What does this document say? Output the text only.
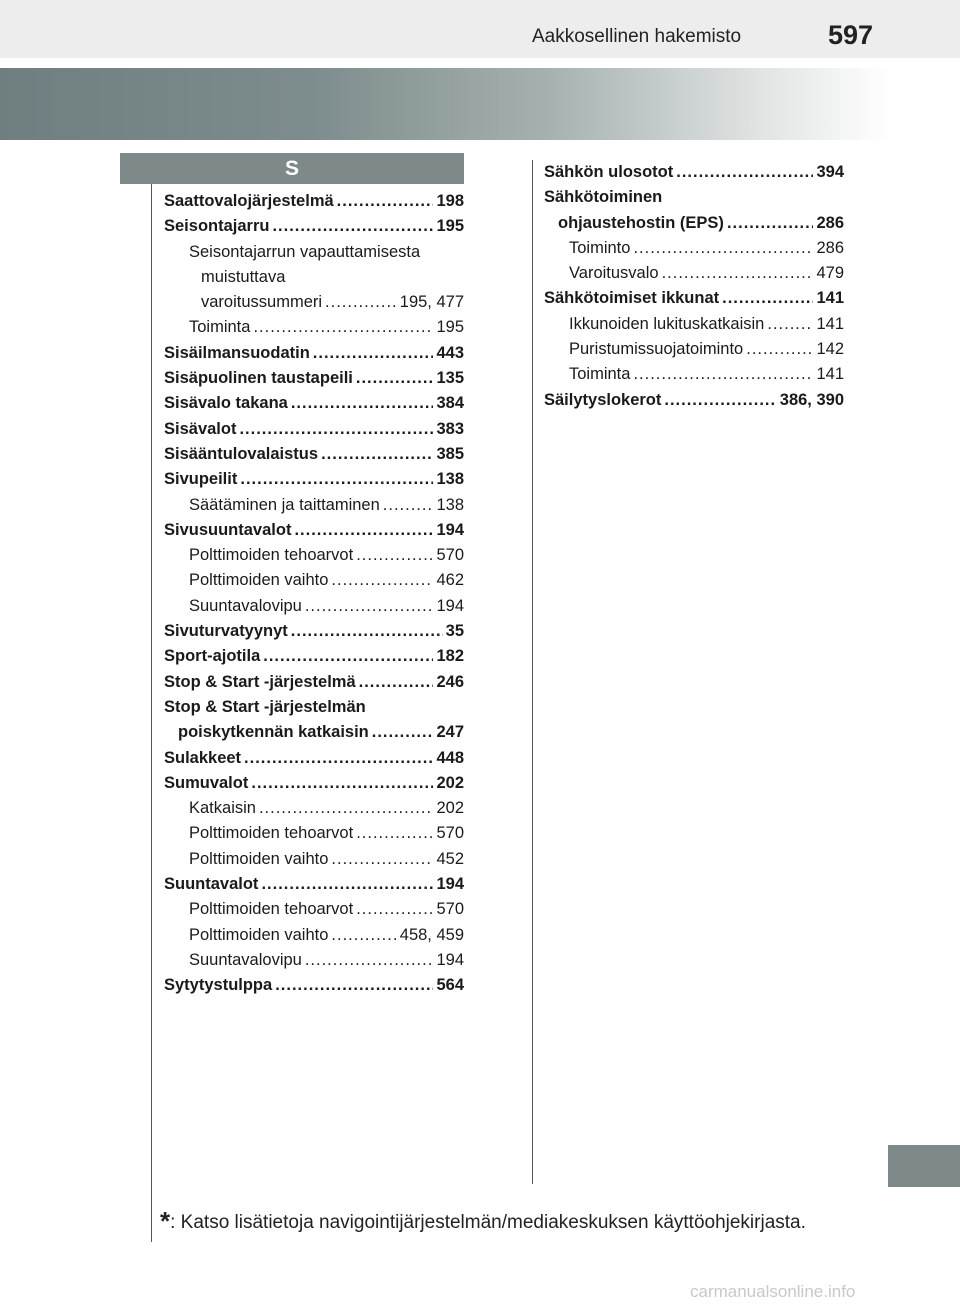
Aakkosellinen hakemisto	597
S
Saattovalojärjestelmä .....	198
Seisontajarru .....	195
Seisontajarrun vapauttamisesta
muistuttava
varoitussummeri .....	195, 477
Toiminta .....	195
Sisäilmansuodatin .....	443
Sisäpuolinen taustapeili .....	135
Sisävalo takana .....	384
Sisävalot .....	383
Sisääntulovalaistus .....	385
Sivupeilit .....	138
Säätäminen ja taittaminen .....	138
Sivusuuntavalot .....	194
Polttimoiden tehoarvot .....	570
Polttimoiden vaihto .....	462
Suuntavalovipu .....	194
Sivuturvatyynyt .....	35
Sport-ajotila .....	182
Stop & Start -järjestelmä .....	246
Stop & Start -järjestelmän
poiskytkennän katkaisin .....	247
Sulakkeet .....	448
Sumuvalot .....	202
Katkaisin .....	202
Polttimoiden tehoarvot .....	570
Polttimoiden vaihto .....	452
Suuntavalot .....	194
Polttimoiden tehoarvot .....	570
Polttimoiden vaihto .....	458, 459
Suuntavalovipu .....	194
Sytytystulppa .....	564
Sähkön ulosotot .....	394
Sähkötoiminen
ohjaustehostin (EPS) .....	286
Toiminto .....	286
Varoitusvalo .....	479
Sähkötoimiset ikkunat .....	141
Ikkunoiden lukituskatkaisin .....	141
Puristumissuojatoiminto .....	142
Toiminta .....	141
Säilytyslokerot .....	386, 390
*: Katso lisätietoja navigointijärjestelmän/mediakeskuksen käyttöohjekirjasta.
carmanualsonline.info
